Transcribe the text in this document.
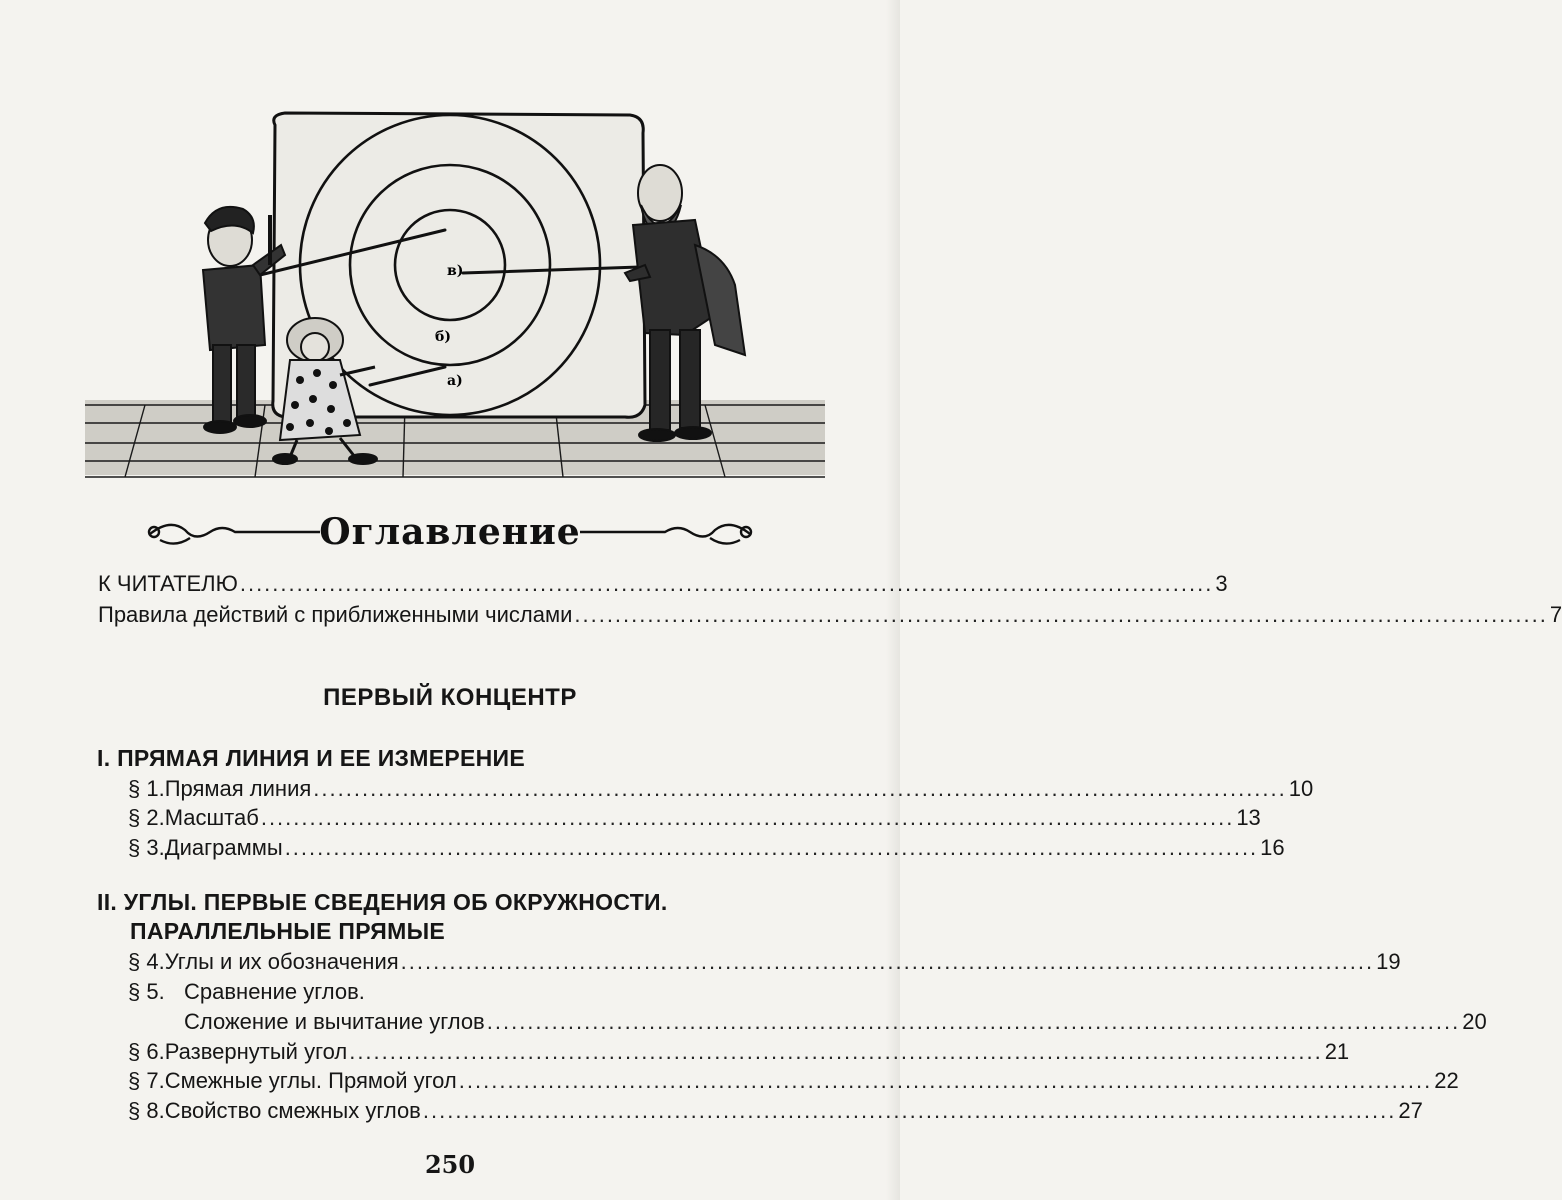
в)
б)
а)
Оглавление
К ЧИТАТЕЛЮ ........................................................................................................................ 3
Правила действий с приближенными числами ........................................................................................................................ 7
ПЕРВЫЙ КОНЦЕНТР
I. ПРЯМАЯ ЛИНИЯ И ЕЕ ИЗМЕРЕНИЕ
§ 1. Прямая линия ........................................................................................................................ 10
§ 2. Масштаб ........................................................................................................................ 13
§ 3. Диаграммы ........................................................................................................................ 16
II. УГЛЫ. ПЕРВЫЕ СВЕДЕНИЯ ОБ ОКРУЖНОСТИ.
ПАРАЛЛЕЛЬНЫЕ ПРЯМЫЕ
§ 4. Углы и их обозначения ........................................................................................................................ 19
§ 5. Сравнение углов.
Сложение и вычитание углов ........................................................................................................................ 20
§ 6. Развернутый угол ........................................................................................................................ 21
§ 7. Смежные углы. Прямой угол ........................................................................................................................ 22
§ 8. Свойство смежных углов ........................................................................................................................ 27
250
